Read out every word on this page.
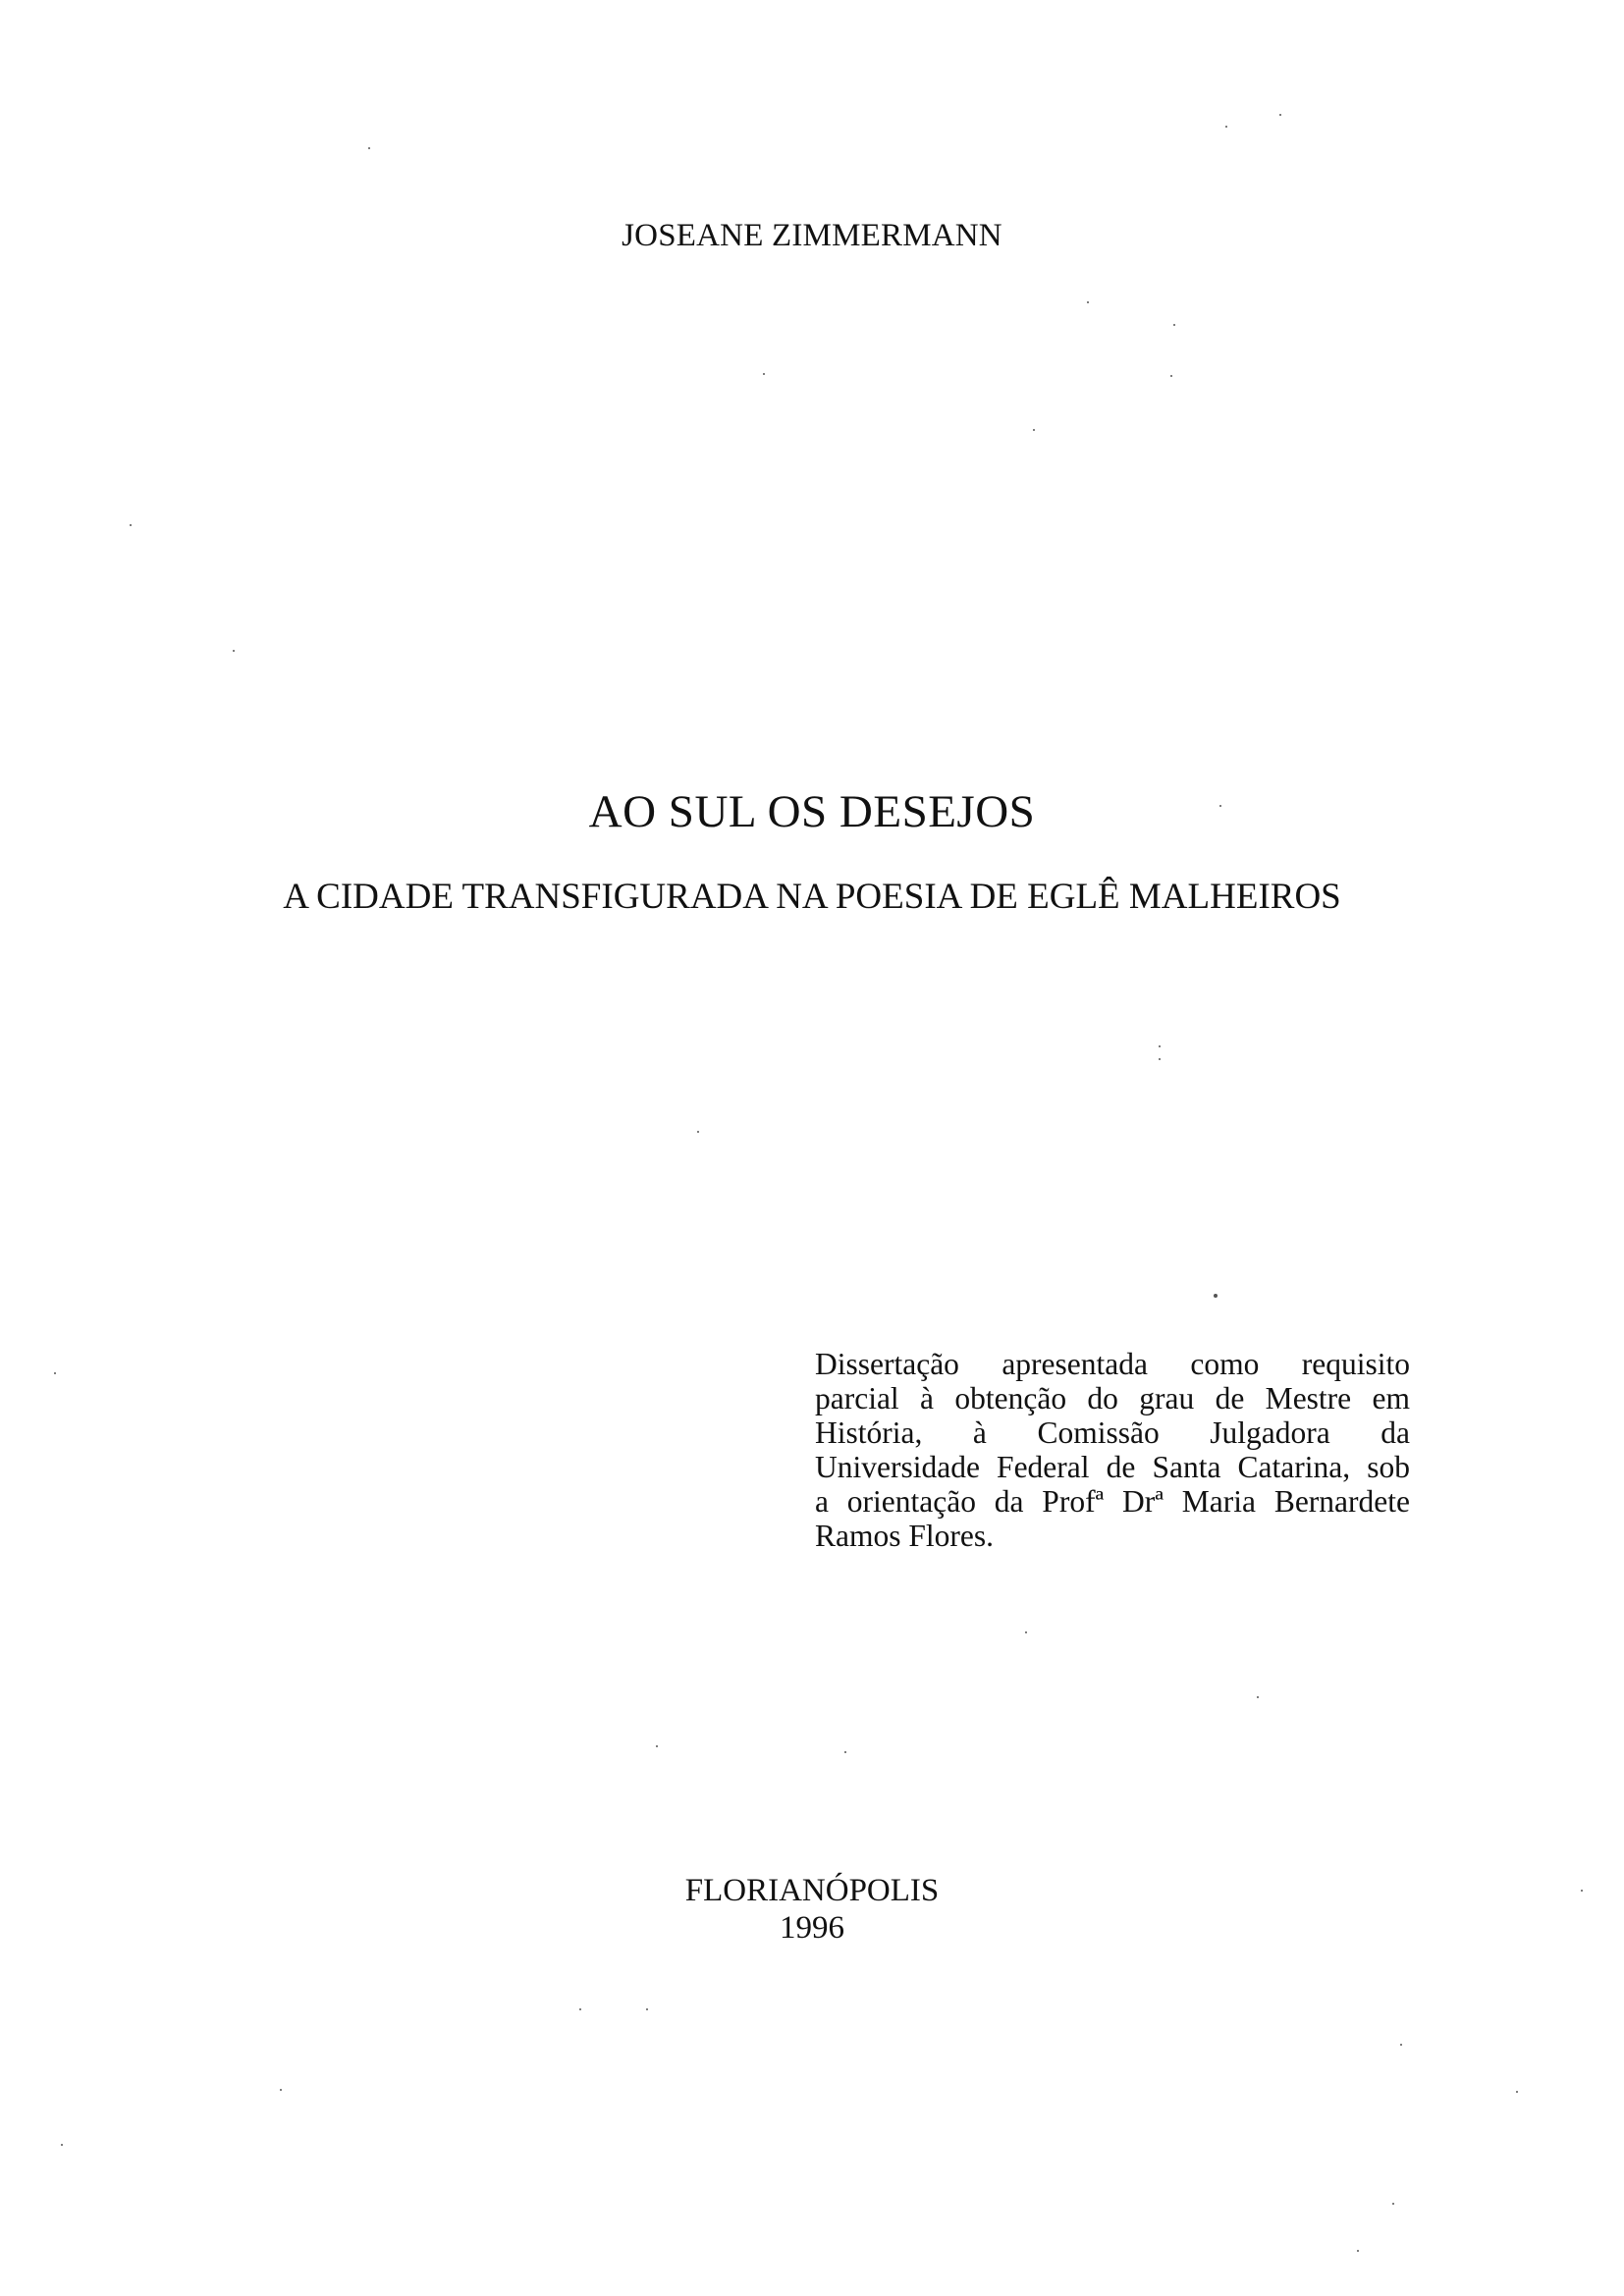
JOSEANE ZIMMERMANN
AO SUL OS DESEJOS
A CIDADE TRANSFIGURADA NA POESIA DE EGLÊ MALHEIROS
Dissertação apresentada como requisito
parcial à obtenção do grau de Mestre em
História, à Comissão Julgadora da
Universidade Federal de Santa Catarina, sob
a orientação da Profª Drª Maria Bernardete
Ramos Flores.
FLORIANÓPOLIS
1996
